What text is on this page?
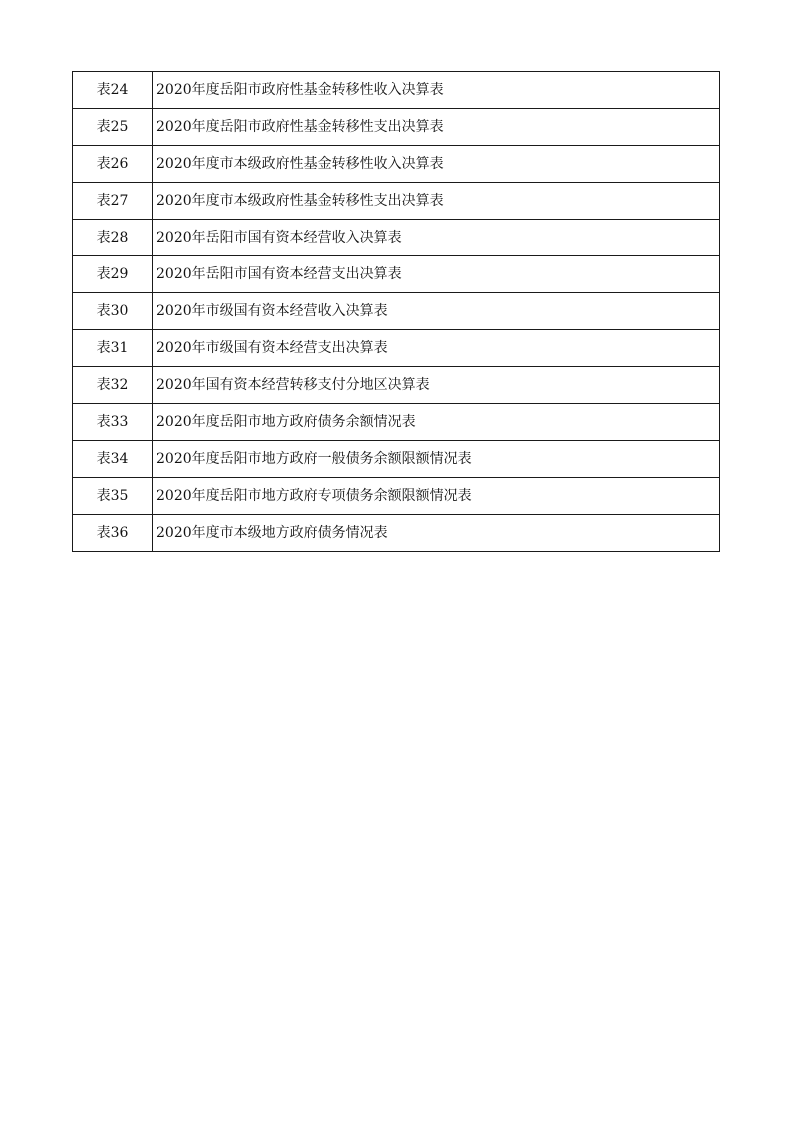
表24	2020年度岳阳市政府性基金转移性收入决算表
表25	2020年度岳阳市政府性基金转移性支出决算表
表26	2020年度市本级政府性基金转移性收入决算表
表27	2020年度市本级政府性基金转移性支出决算表
表28	2020年岳阳市国有资本经营收入决算表
表29	2020年岳阳市国有资本经营支出决算表
表30	2020年市级国有资本经营收入决算表
表31	2020年市级国有资本经营支出决算表
表32	2020年国有资本经营转移支付分地区决算表
表33	2020年度岳阳市地方政府债务余额情况表
表34	2020年度岳阳市地方政府一般债务余额限额情况表
表35	2020年度岳阳市地方政府专项债务余额限额情况表
表36	2020年度市本级地方政府债务情况表
